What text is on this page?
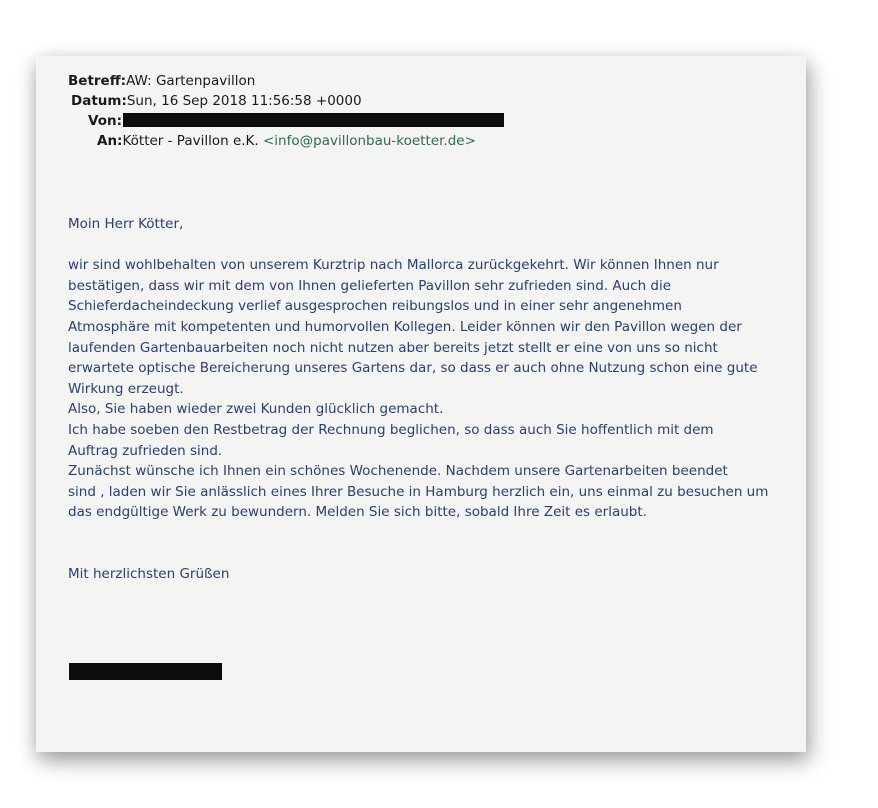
Betreff:AW: Gartenpavillon
Datum:Sun, 16 Sep 2018 11:56:58 +0000
Von:
An:Kötter - Pavillon e.K. <info@pavillonbau-koetter.de>

Moin Herr Kötter,

wir sind wohlbehalten von unserem Kurztrip nach Mallorca zurückgekehrt. Wir können Ihnen nur

bestätigen, dass wir mit dem von Ihnen gelieferten Pavillon sehr zufrieden sind. Auch die

Schieferdacheindeckung verlief ausgesprochen reibungslos und in einer sehr angenehmen

Atmosphäre mit kompetenten und humorvollen Kollegen. Leider können wir den Pavillon wegen der

laufenden Gartenbauarbeiten noch nicht nutzen aber bereits jetzt stellt er eine von uns so nicht

erwartete optische Bereicherung unseres Gartens dar, so dass er auch ohne Nutzung schon eine gute

Wirkung erzeugt.

Also, Sie haben wieder zwei Kunden glücklich gemacht.

Ich habe soeben den Restbetrag der Rechnung beglichen, so dass auch Sie hoffentlich mit dem

Auftrag zufrieden sind.

Zunächst wünsche ich Ihnen ein schönes Wochenende. Nachdem unsere Gartenarbeiten beendet

sind , laden wir Sie anlässlich eines Ihrer Besuche in Hamburg herzlich ein, uns einmal zu besuchen um

das endgültige Werk zu bewundern. Melden Sie sich bitte, sobald Ihre Zeit es erlaubt.

Mit herzlichsten Grüßen
